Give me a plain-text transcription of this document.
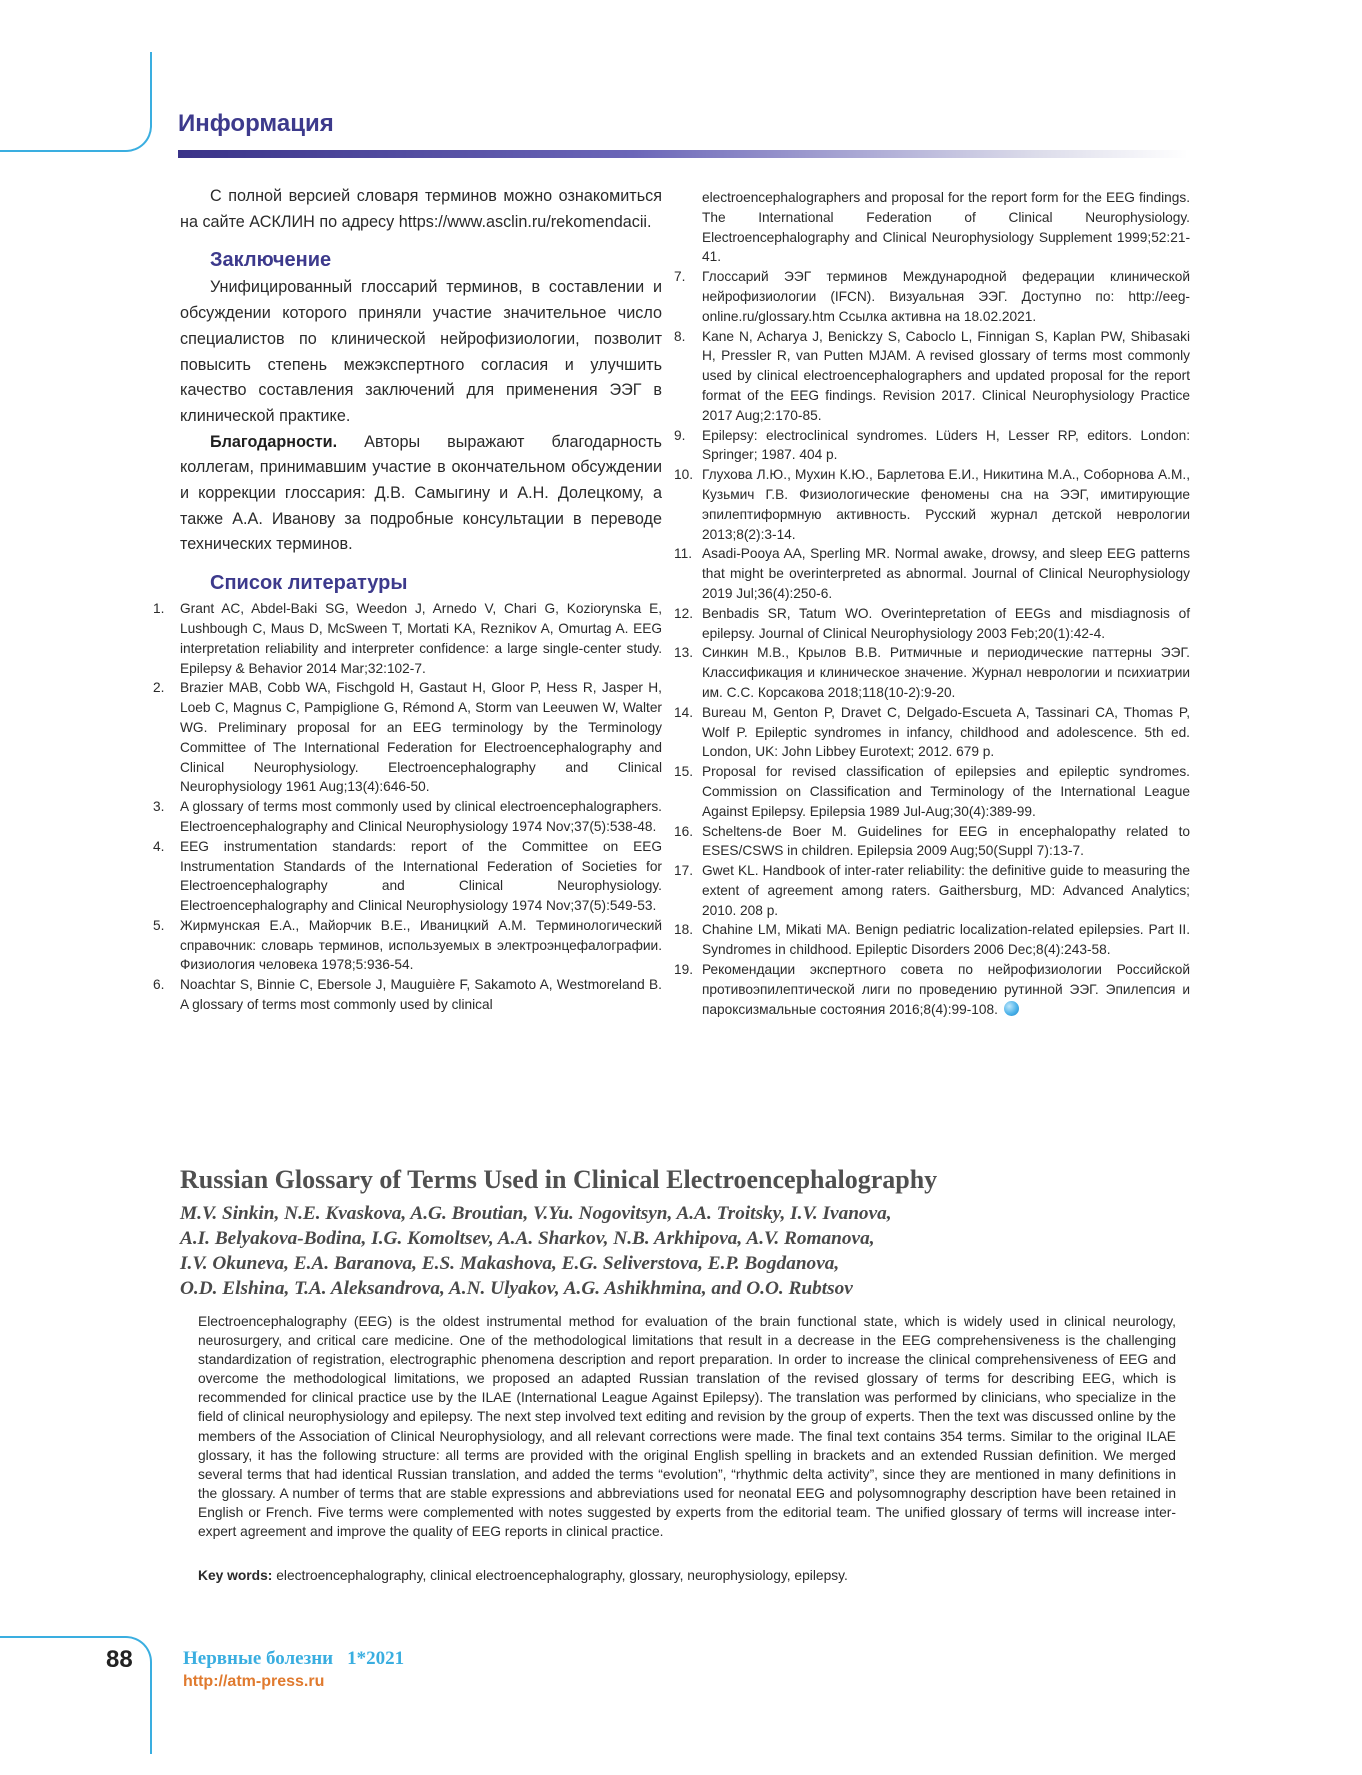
Информация

С полной версией словаря терминов можно ознакомиться на сайте АСКЛИН по адресу https://www.asclin.ru/rekomendacii.

Заключение

Унифицированный глоссарий терминов, в составлении и обсуждении которого приняли участие значительное число специалистов по клинической нейрофизиологии, позволит повысить степень межэкспертного согласия и улучшить качество составления заключений для применения ЭЭГ в клинической практике.

Благодарности. Авторы выражают благодарность коллегам, принимавшим участие в окончательном обсуждении и коррекции глоссария: Д.В. Самыгину и А.Н. Долецкому, а также А.А. Иванову за подробные консультации в переводе технических терминов.

Список литературы
1. Grant AC, Abdel-Baki SG, Weedon J, Arnedo V, Chari G, Koziorynska E, Lushbough C, Maus D, McSween T, Mortati KA, Reznikov A, Omurtag A. EEG interpretation reliability and interpreter confidence: a large single-center study. Epilepsy & Behavior 2014 Mar;32:102-7.
2. Brazier MAB, Cobb WA, Fischgold H, Gastaut H, Gloor P, Hess R, Jasper H, Loeb C, Magnus C, Pampiglione G, Rémond A, Storm van Leeuwen W, Walter WG. Preliminary proposal for an EEG terminology by the Terminology Committee of The International Federation for Electroencephalography and Clinical Neurophysiology. Electroencephalography and Clinical Neurophysiology 1961 Aug;13(4):646-50.
3. A glossary of terms most commonly used by clinical electroencephalographers. Electroencephalography and Clinical Neurophysiology 1974 Nov;37(5):538-48.
4. EEG instrumentation standards: report of the Committee on EEG Instrumentation Standards of the International Federation of Societies for Electroencephalography and Clinical Neurophysiology. Electroencephalography and Clinical Neurophysiology 1974 Nov;37(5):549-53.
5. Жирмунская Е.А., Майорчик В.Е., Иваницкий А.М. Терминологический справочник: словарь терминов, используемых в электроэнцефалографии. Физиология человека 1978;5:936-54.
6. Noachtar S, Binnie C, Ebersole J, Mauguière F, Sakamoto A, Westmoreland B. A glossary of terms most commonly used by clinical
electroencephalographers and proposal for the report form for the EEG findings. The International Federation of Clinical Neurophysiology. Electroencephalography and Clinical Neurophysiology Supplement 1999;52:21-41.
7. Глоссарий ЭЭГ терминов Международной федерации клинической нейрофизиологии (IFCN). Визуальная ЭЭГ. Доступно по: http://eeg-online.ru/glossary.htm Ссылка активна на 18.02.2021.
8. Kane N, Acharya J, Benickzy S, Caboclo L, Finnigan S, Kaplan PW, Shibasaki H, Pressler R, van Putten MJAM. A revised glossary of terms most commonly used by clinical electroencephalographers and updated proposal for the report format of the EEG findings. Revision 2017. Clinical Neurophysiology Practice 2017 Aug;2:170-85.
9. Epilepsy: electroclinical syndromes. Lüders H, Lesser RP, editors. London: Springer; 1987. 404 p.
10. Глухова Л.Ю., Мухин К.Ю., Барлетова Е.И., Никитина М.А., Соборнова А.М., Кузьмич Г.В. Физиологические феномены сна на ЭЭГ, имитирующие эпилептиформную активность. Русский журнал детской неврологии 2013;8(2):3-14.
11. Asadi-Pooya AA, Sperling MR. Normal awake, drowsy, and sleep EEG patterns that might be overinterpreted as abnormal. Journal of Clinical Neurophysiology 2019 Jul;36(4):250-6.
12. Benbadis SR, Tatum WO. Overintepretation of EEGs and misdiagnosis of epilepsy. Journal of Clinical Neurophysiology 2003 Feb;20(1):42-4.
13. Синкин М.В., Крылов В.В. Ритмичные и периодические паттерны ЭЭГ. Классификация и клиническое значение. Журнал неврологии и психиатрии им. С.С. Корсакова 2018;118(10-2):9-20.
14. Bureau M, Genton P, Dravet C, Delgado-Escueta A, Tassinari CA, Thomas P, Wolf P. Epileptic syndromes in infancy, childhood and adolescence. 5th ed. London, UK: John Libbey Eurotext; 2012. 679 p.
15. Proposal for revised classification of epilepsies and epileptic syndromes. Commission on Classification and Terminology of the International League Against Epilepsy. Epilepsia 1989 Jul-Aug;30(4):389-99.
16. Scheltens-de Boer M. Guidelines for EEG in encephalopathy related to ESES/CSWS in children. Epilepsia 2009 Aug;50(Suppl 7):13-7.
17. Gwet KL. Handbook of inter-rater reliability: the definitive guide to measuring the extent of agreement among raters. Gaithersburg, MD: Advanced Analytics; 2010. 208 p.
18. Chahine LM, Mikati MA. Benign pediatric localization-related epilepsies. Part II. Syndromes in childhood. Epileptic Disorders 2006 Dec;8(4):243-58.
19. Рекомендации экспертного совета по нейрофизиологии Российской противоэпилептической лиги по проведению рутинной ЭЭГ. Эпилепсия и пароксизмальные состояния 2016;8(4):99-108.
Russian Glossary of Terms Used in Clinical Electroencephalography
M.V. Sinkin, N.E. Kvaskova, A.G. Broutian, V.Yu. Nogovitsyn, A.A. Troitsky, I.V. Ivanova,
A.I. Belyakova-Bodina, I.G. Komoltsev, A.A. Sharkov, N.B. Arkhipova, A.V. Romanova,
I.V. Okuneva, E.A. Baranova, E.S. Makashova, E.G. Seliverstova, E.P. Bogdanova,
O.D. Elshina, T.A. Aleksandrova, A.N. Ulyakov, A.G. Ashikhmina, and O.O. Rubtsov

Electroencephalography (EEG) is the oldest instrumental method for evaluation of the brain functional state, which is widely used in clinical neurology, neurosurgery, and critical care medicine. One of the methodological limitations that result in a decrease in the EEG comprehensiveness is the challenging standardization of registration, electrographic phenomena description and report preparation. In order to increase the clinical comprehensiveness of EEG and overcome the methodological limitations, we proposed an adapted Russian translation of the revised glossary of terms for describing EEG, which is recommended for clinical practice use by the ILAE (International League Against Epilepsy). The translation was performed by clinicians, who specialize in the field of clinical neurophysiology and epilepsy. The next step involved text editing and revision by the group of experts. Then the text was discussed online by the members of the Association of Clinical Neurophysiology, and all relevant corrections were made. The final text contains 354 terms. Similar to the original ILAE glossary, it has the following structure: all terms are provided with the original English spelling in brackets and an extended Russian definition. We merged several terms that had identical Russian translation, and added the terms “evolution”, “rhythmic delta activity”, since they are mentioned in many definitions in the glossary. A number of terms that are stable expressions and abbreviations used for neonatal EEG and polysomnography description have been retained in English or French. Five terms were complemented with notes suggested by experts from the editorial team. The unified glossary of terms will increase inter-expert agreement and improve the quality of EEG reports in clinical practice.

Key words: electroencephalography, clinical electroencephalography, glossary, neurophysiology, epilepsy.

88	Нервные болезни 1*2021
http://atm-press.ru
